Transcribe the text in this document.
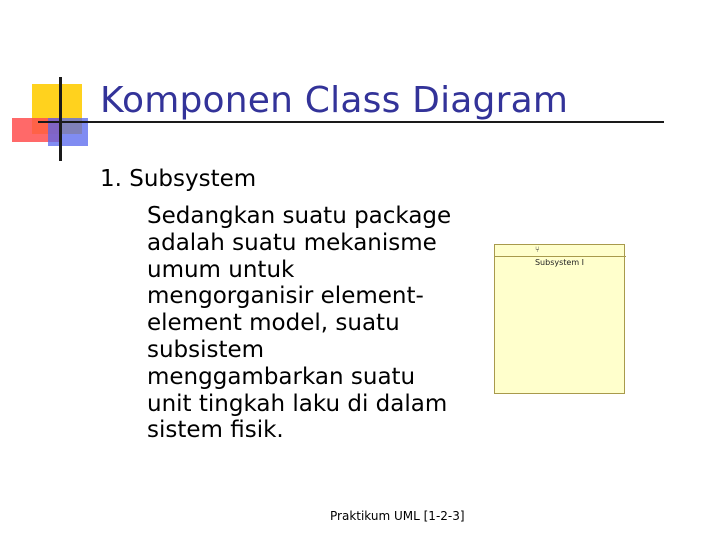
Komponen Class Diagram

1. Subsystem

Sedangkan suatu package adalah suatu mekanisme umum untuk mengorganisir element-element model, suatu subsistem menggambarkan suatu unit tingkah laku di dalam sistem fisik.

⑂
Subsystem I
Praktikum UML [1-2-3]
